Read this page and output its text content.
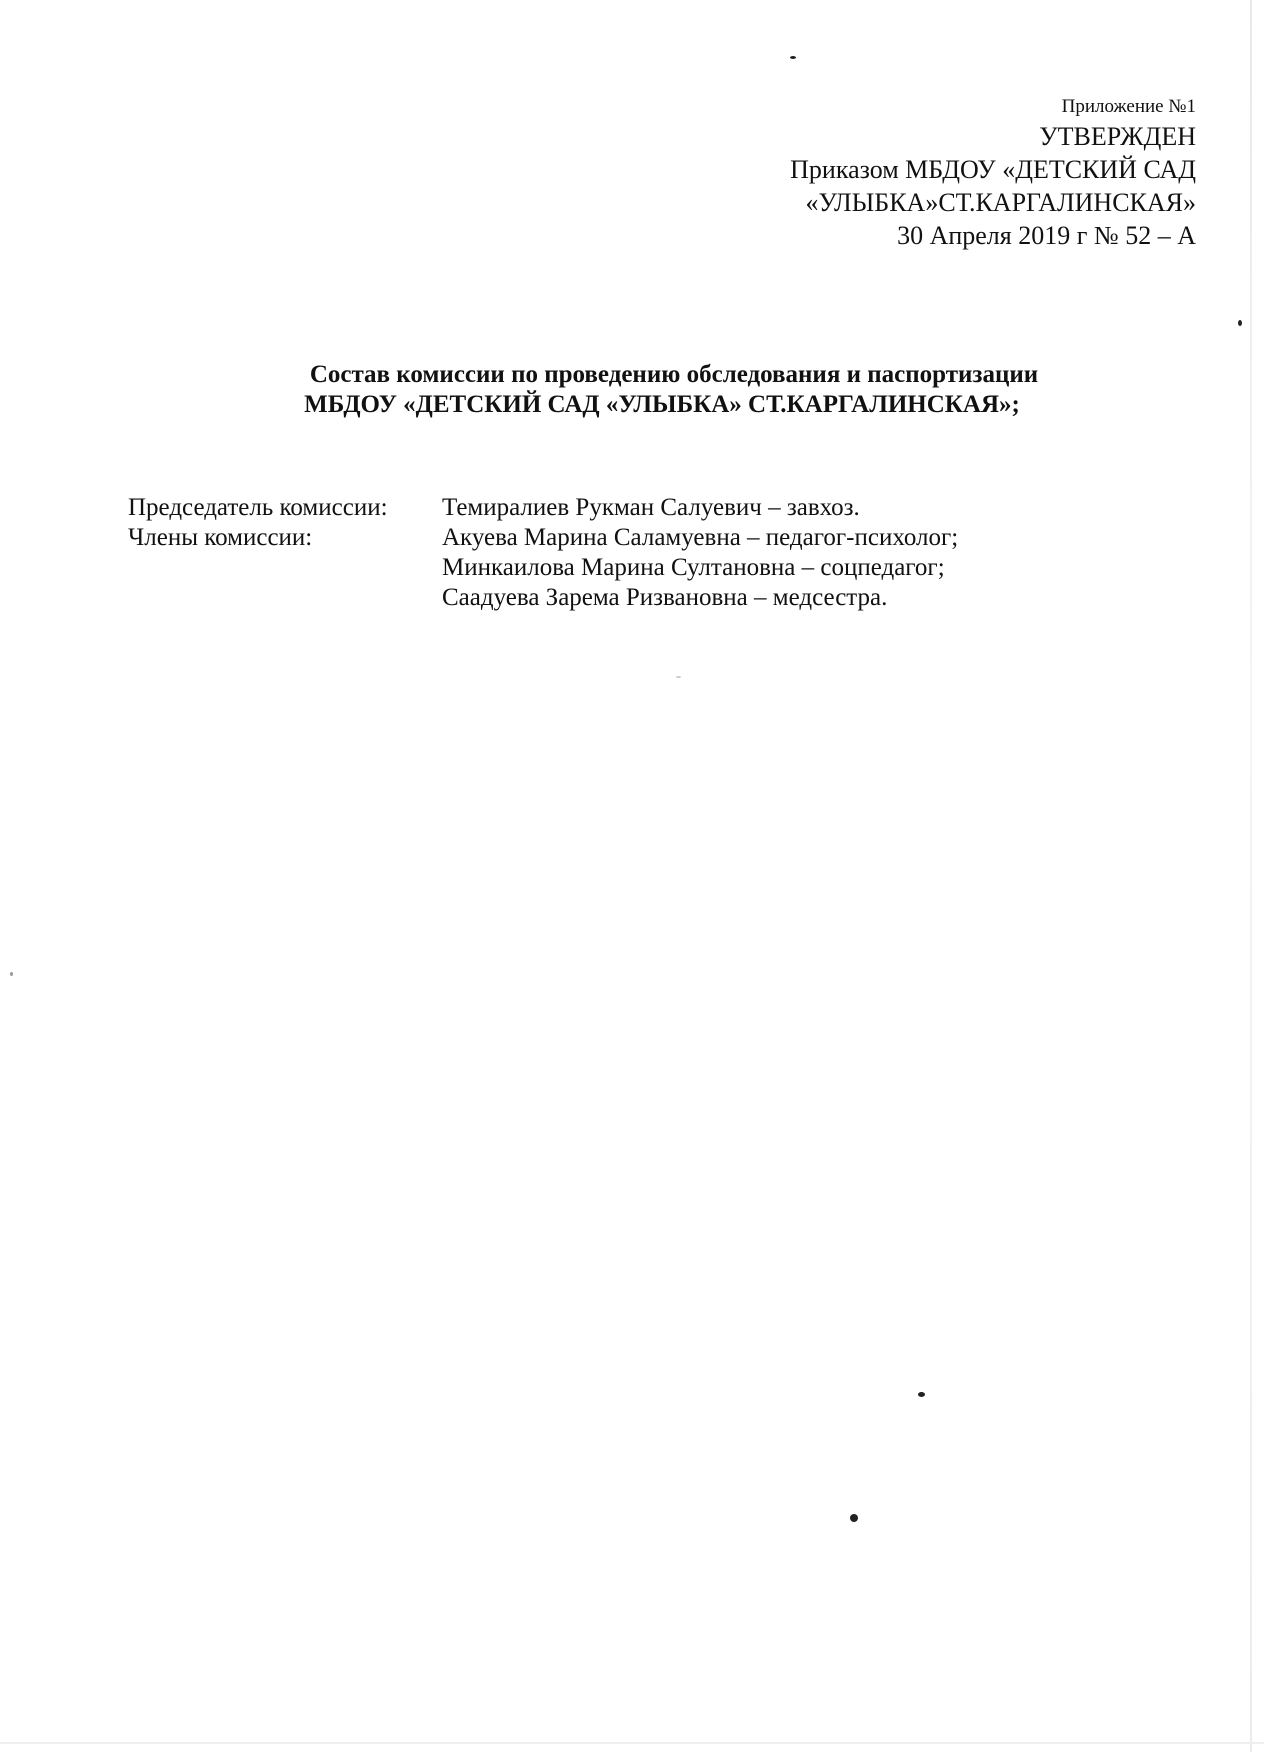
Приложение №1
УТВЕРЖДЕН
Приказом МБДОУ «ДЕТСКИЙ САД
«УЛЫБКА»СТ.КАРГАЛИНСКАЯ»
30 Апреля 2019 г № 52 – А
Состав комиссии по проведению обследования и паспортизации
МБДОУ «ДЕТСКИЙ САД «УЛЫБКА» СТ.КАРГАЛИНСКАЯ»;
Председатель комиссии:	Темиралиев Рукман Салуевич – завхоз.
Члены комиссии:	Акуева Марина Саламуевна – педагог-психолог;
Минкаилова Марина Султановна – соцпедагог;
Саадуева Зарема Ризвановна – медсестра.
